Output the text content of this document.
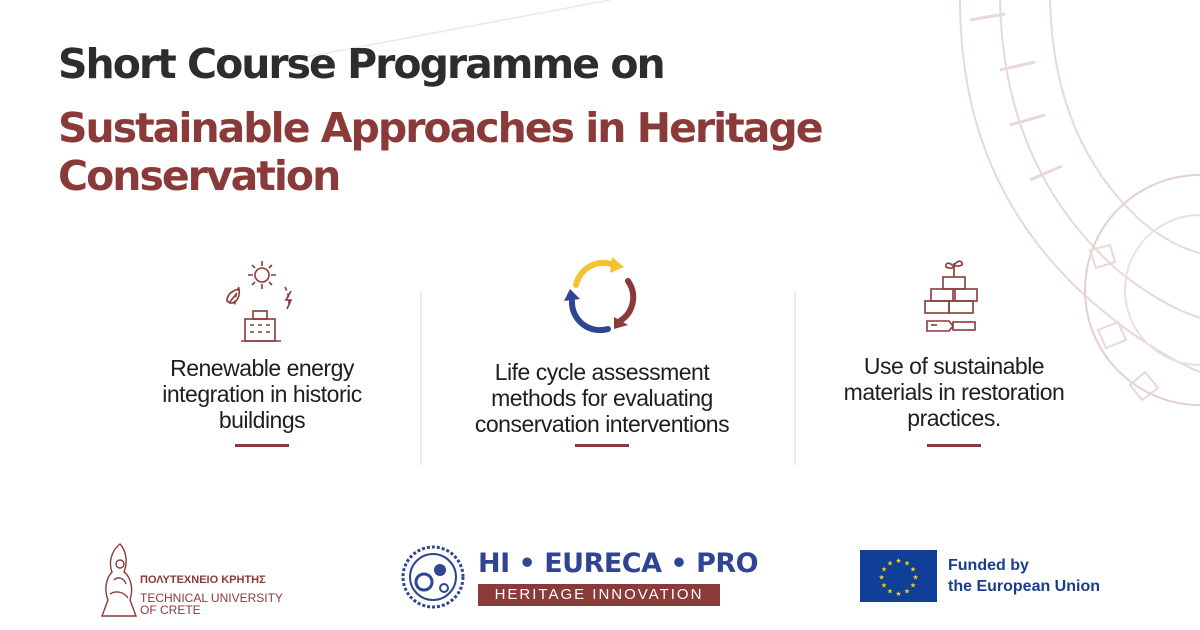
Short Course Programme on
Sustainable Approaches in Heritage Conservation
Renewable energy
integration in historic
buildings
Life cycle assessment
methods for evaluating
conservation interventions
Use of sustainable
materials in restoration
practices.
ΠΟΛΥΤΕΧΝΕΙΟ ΚΡΗΤΗΣ
TECHNICAL UNIVERSITY
OF CRETE
HI • EURECA • PRO
HERITAGE INNOVATION
★ ★
★
★
★
★
★
★
★
★
★
★	Funded by
the European Union
